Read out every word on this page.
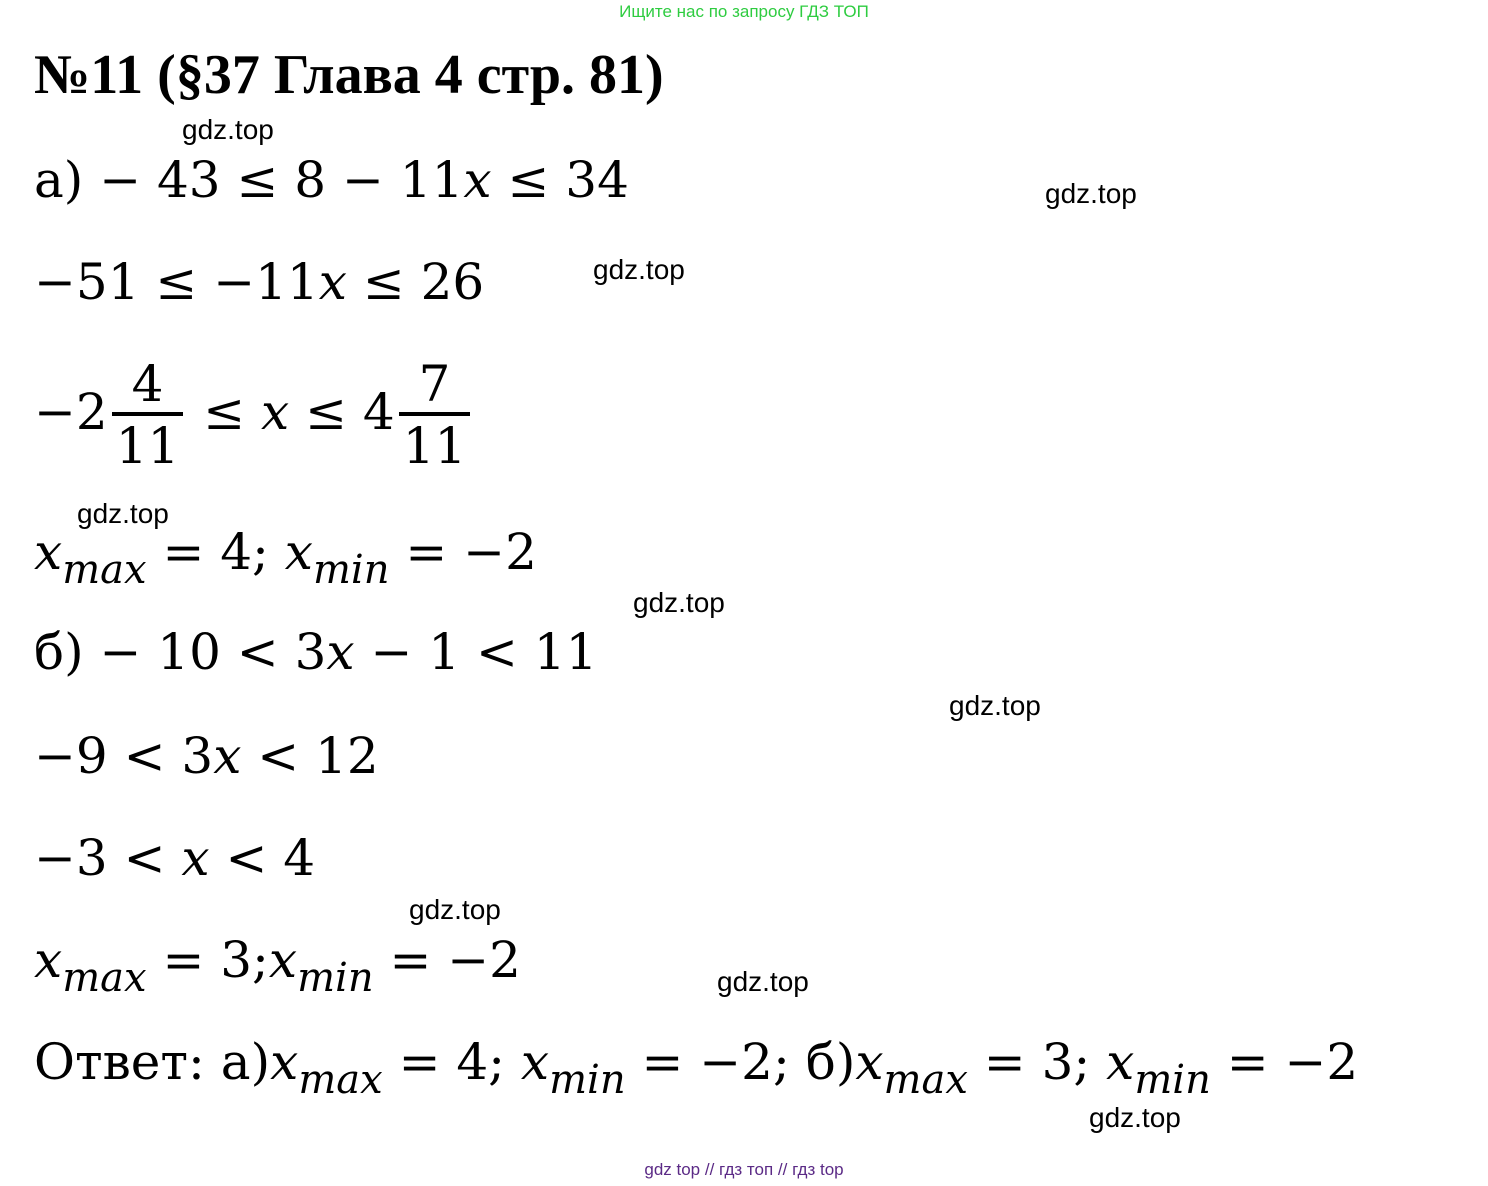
Ищите нас по запросу ГДЗ ТОП
№11 (§37 Глава 4 стр. 81)
gdz.top
gdz.top
gdz.top
gdz.top
gdz.top
gdz.top
gdz.top
gdz.top
gdz.top
а) − 43 ≤ 8 − 11x ≤ 34
−51 ≤ −11x ≤ 26
$-2 \frac{4}{11} \le x \le 4 \frac{7}{11}$
$x_{max} = 4$; $x_{min} = -2$
б) − 10 < 3x − 1 < 11
−9 < 3x < 12
−3 < x < 4
$x_{max}$ = $3;x_{min} = -2$
Ответ: $а)x_{max} = 4$; $x_{min} = -2$; $б)x_{max} = 3$; $x_{min} = -2$
gdz top // гдз топ // гдз top
